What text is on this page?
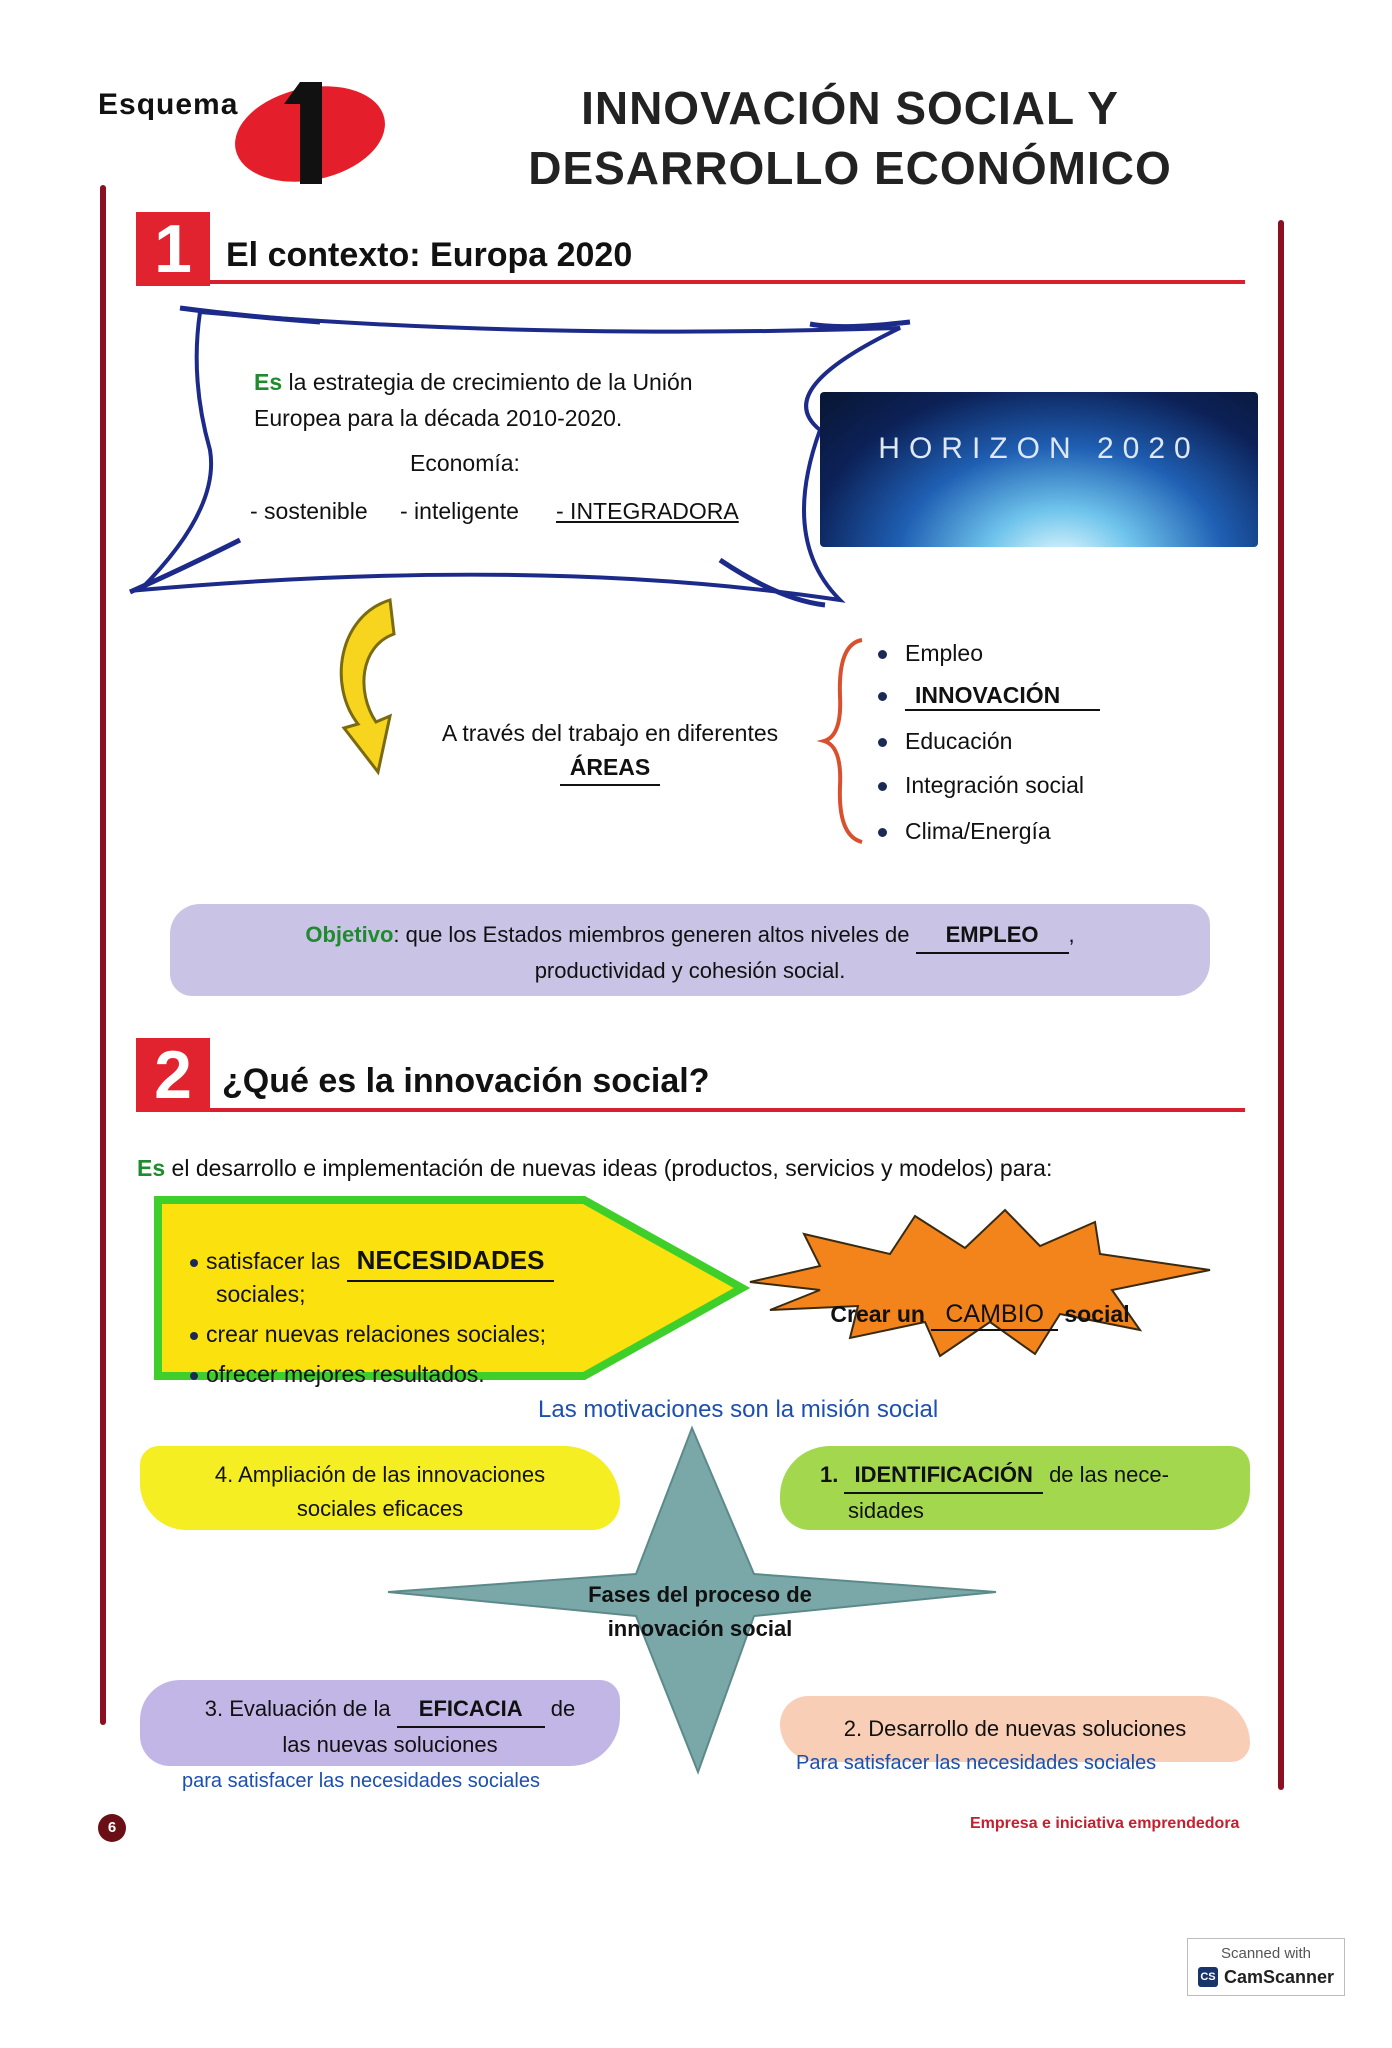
Esquema
1
INNOVACIÓN SOCIAL Y
DESARROLLO ECONÓMICO
1	El contexto: Europa 2020
Es la estrategia de crecimiento de la Unión Europea para la década 2010-2020.
Economía:
- sostenible - inteligente - INTEGRADORA
HORIZON 2020
A través del trabajo en diferentes
ÁREAS
Empleo
INNOVACIÓN
Educación
Integración social
Clima/Energía
Objetivo: que los Estados miembros generen altos niveles de EMPLEO ,
productividad y cohesión social.
2 ¿Qué es la innovación social?
Es el desarrollo e implementación de nuevas ideas (productos, servicios y modelos) para:
satisfacer las NECESIDADES
sociales;
crear nuevas relaciones sociales;
ofrecer mejores resultados.
Crear un CAMBIO social
Las motivaciones son la misión social
Fases del proceso de
innovación social
4. Ampliación de las innovaciones
sociales eficaces
1. IDENTIFICACIÓN de las nece-
sidades
3. Evaluación de la EFICACIA de
las nuevas soluciones
para satisfacer las necesidades sociales
2. Desarrollo de nuevas soluciones
Para satisfacer las necesidades sociales
6	Empresa e iniciativa emprendedora
Scanned with
CS CamScanner
